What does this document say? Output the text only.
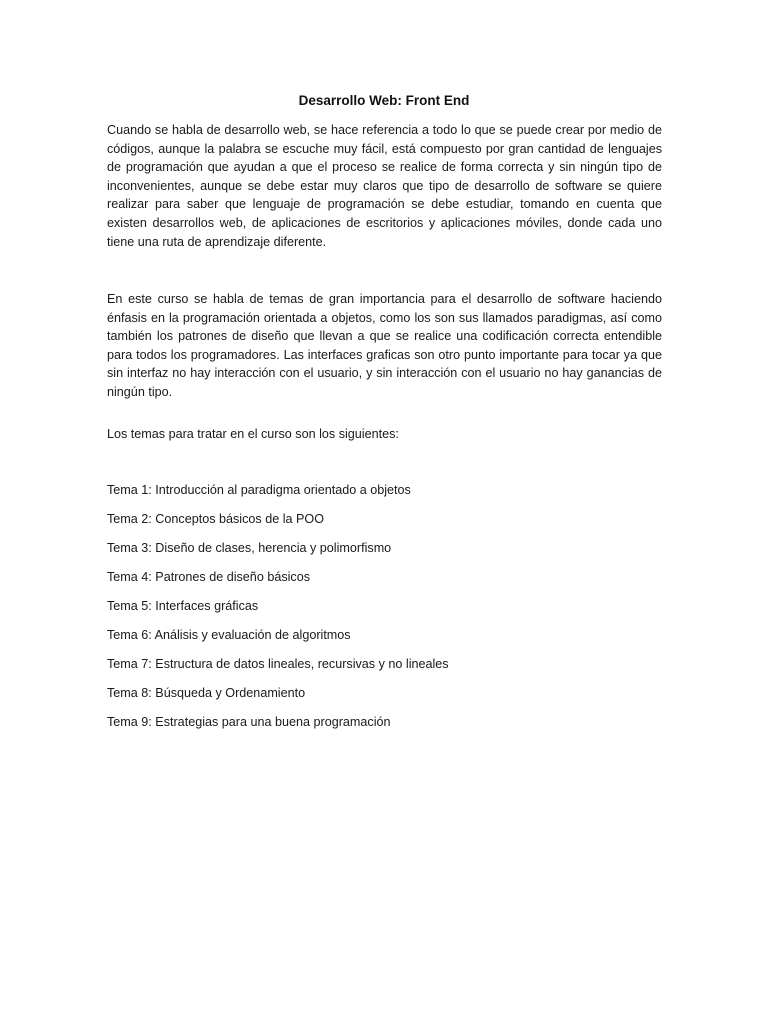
Desarrollo Web: Front End

Cuando se habla de desarrollo web, se hace referencia a todo lo que se puede crear por medio de códigos, aunque la palabra se escuche muy fácil, está compuesto por gran cantidad de lenguajes de programación que ayudan a que el proceso se realice de forma correcta y sin ningún tipo de inconvenientes, aunque se debe estar muy claros que tipo de desarrollo de software se quiere realizar para saber que lenguaje de programación se debe estudiar, tomando en cuenta que existen desarrollos web, de aplicaciones de escritorios y aplicaciones móviles, donde cada uno tiene una ruta de aprendizaje diferente.

En este curso se habla de temas de gran importancia para el desarrollo de software haciendo énfasis en la programación orientada a objetos, como los son sus llamados paradigmas, así como también los patrones de diseño que llevan a que se realice una codificación correcta entendible para todos los programadores. Las interfaces graficas son otro punto importante para tocar ya que sin interfaz no hay interacción con el usuario, y sin interacción con el usuario no hay ganancias de ningún tipo.

Los temas para tratar en el curso son los siguientes:
Tema 1: Introducción al paradigma orientado a objetos
Tema 2: Conceptos básicos de la POO
Tema 3: Diseño de clases, herencia y polimorfismo
Tema 4: Patrones de diseño básicos
Tema 5: Interfaces gráficas
Tema 6: Análisis y evaluación de algoritmos
Tema 7: Estructura de datos lineales, recursivas y no lineales
Tema 8: Búsqueda y Ordenamiento
Tema 9: Estrategias para una buena programación
